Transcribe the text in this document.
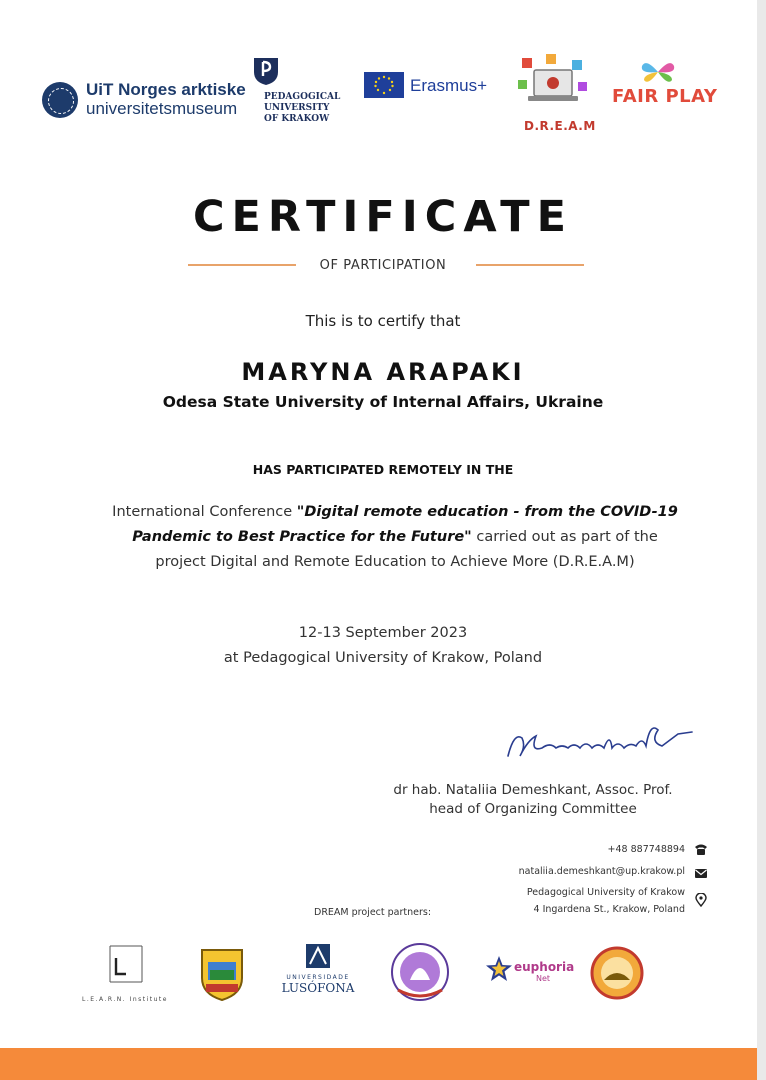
UiT Norges arktiske
universitetsmuseum
PEDAGOGICAL
UNIVERSITY
OF KRAKOW
Erasmus+
D.R.E.A.M
FAIR PLAY
CERTIFICATE
OF PARTICIPATION
This is to certify that
MARYNA ARAPAKI
Odesa State University of Internal Affairs, Ukraine
HAS PARTICIPATED REMOTELY IN THE
International Conference "Digital remote education - from the COVID-19 Pandemic to Best Practice for the Future" carried out as part of the project Digital and Remote Education to Achieve More (D.R.E.A.M)
12-13 September 2023
at Pedagogical University of Krakow, Poland
dr hab. Nataliia Demeshkant, Assoc. Prof.
head of Organizing Committee
+48 887748894
nataliia.demeshkant@up.krakow.pl
Pedagogical University of Krakow
4 Ingardena St., Krakow, Poland
DREAM project partners:
L.E.A.R.N. Institute
UNIVERSIDADE
LUSÓFONA
euphoria
Net
